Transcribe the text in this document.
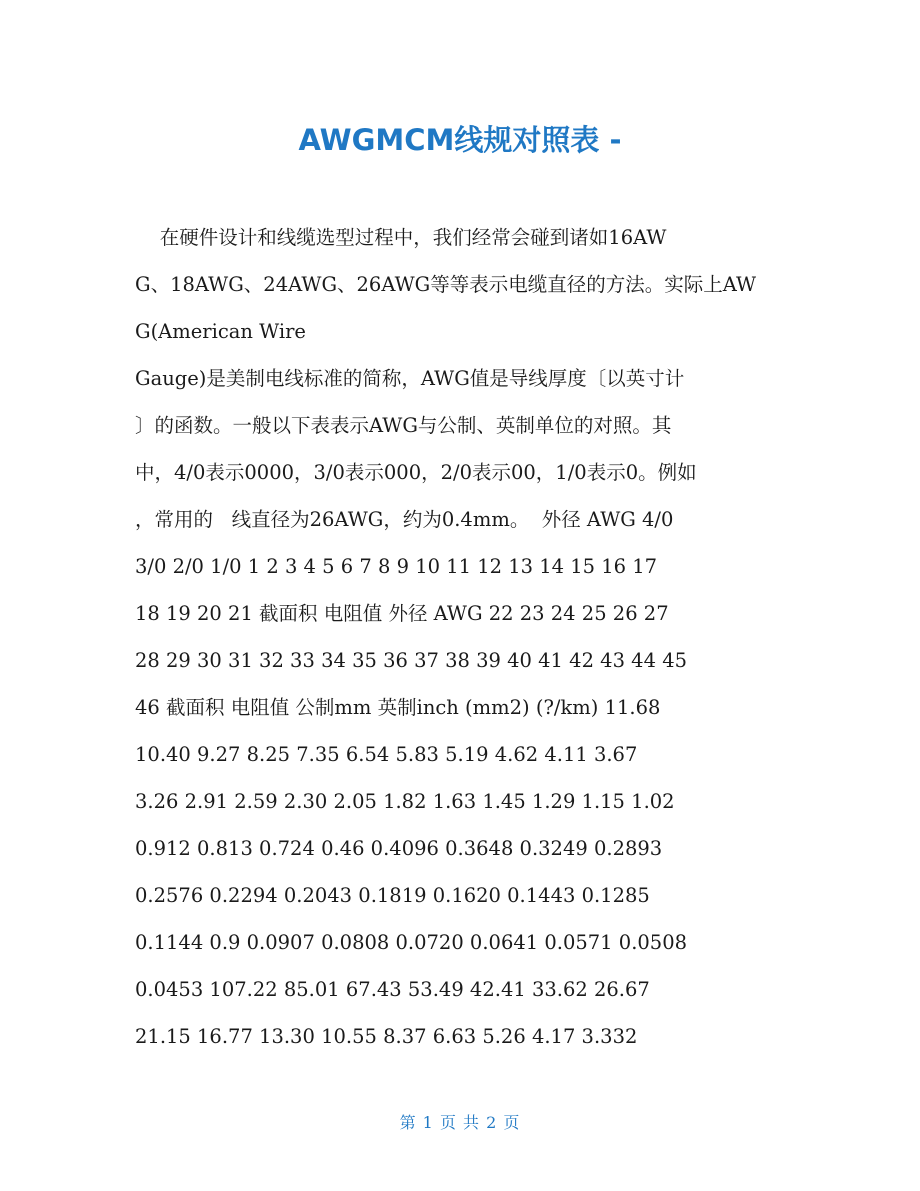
AWGMCM线规对照表 -
在硬件设计和线缆选型过程中，我们经常会碰到诸如16AW
G、18AWG、24AWG、26AWG等等表示电缆直径的方法。实际上AW
G(American Wire
Gauge)是美制电线标准的简称，AWG值是导线厚度〔以英寸计
〕的函数。一般以下表表示AWG与公制、英制单位的对照。其
中，4/0表示0000，3/0表示000，2/0表示00，1/0表示0。例如
，常用的   线直径为26AWG，约为0.4mm。  外径 AWG 4/0
3/0 2/0 1/0 1 2 3 4 5 6 7 8 9 10 11 12 13 14 15 16 17
18 19 20 21 截面积 电阻值 外径 AWG 22 23 24 25 26 27
28 29 30 31 32 33 34 35 36 37 38 39 40 41 42 43 44 45
46 截面积 电阻值 公制mm 英制inch (mm2) (?/km) 11.68
10.40 9.27 8.25 7.35 6.54 5.83 5.19 4.62 4.11 3.67
3.26 2.91 2.59 2.30 2.05 1.82 1.63 1.45 1.29 1.15 1.02
0.912 0.813 0.724 0.46 0.4096 0.3648 0.3249 0.2893
0.2576 0.2294 0.2043 0.1819 0.1620 0.1443 0.1285
0.1144 0.9 0.0907 0.0808 0.0720 0.0641 0.0571 0.0508
0.0453 107.22 85.01 67.43 53.49 42.41 33.62 26.67
21.15 16.77 13.30 10.55 8.37 6.63 5.26 4.17 3.332
第 1 页 共 2 页
